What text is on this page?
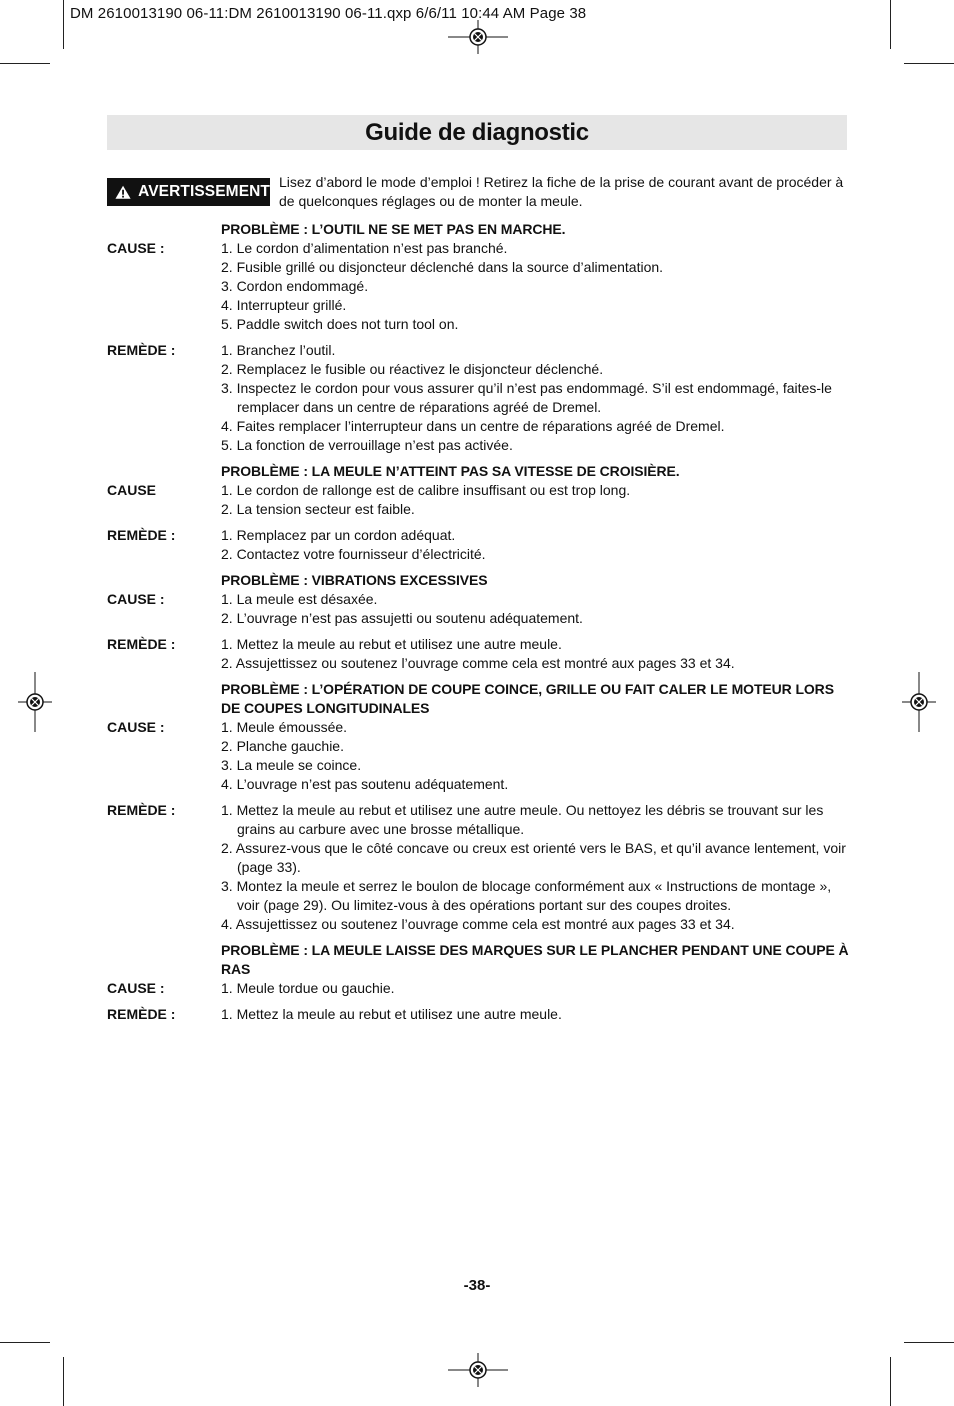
DM 2610013190 06-11:DM 2610013190 06-11.qxp 6/6/11 10:44 AM Page 38
Guide de diagnostic
AVERTISSEMENT
Lisez d’abord le mode d’emploi ! Retirez la fiche de la prise de courant avant de procéder à de quelconques réglages ou de monter la meule.
PROBLÈME : L’OUTIL NE SE MET PAS EN MARCHE.
CAUSE :	1. Le cordon d’alimentation n’est pas branché.
2. Fusible grillé ou disjoncteur déclenché dans la source d’alimentation.
3. Cordon endommagé.
4. Interrupteur grillé.
5. Paddle switch does not turn tool on.
REMÈDE :	1. Branchez l’outil.
2. Remplacez le fusible ou réactivez le disjoncteur déclenché.
3. Inspectez le cordon pour vous assurer qu’il n’est pas endommagé. S’il est endommagé, faites-le remplacer dans un centre de réparations agréé de Dremel.
4. Faites remplacer l’interrupteur dans un centre de réparations agréé de Dremel.
5. La fonction de verrouillage n’est pas activée.
PROBLÈME : LA MEULE N’ATTEINT PAS SA VITESSE DE CROISIÈRE.
CAUSE	1. Le cordon de rallonge est de calibre insuffisant ou est trop long.
2. La tension secteur est faible.
REMÈDE :	1. Remplacez par un cordon adéquat.
2. Contactez votre fournisseur d’électricité.
PROBLÈME : VIBRATIONS EXCESSIVES
CAUSE :	1. La meule est désaxée.
2. L’ouvrage n’est pas assujetti ou soutenu adéquatement.
REMÈDE :	1. Mettez la meule au rebut et utilisez une autre meule.
2. Assujettissez ou soutenez l’ouvrage comme cela est montré aux pages 33 et 34.
PROBLÈME : L’OPÉRATION DE COUPE COINCE, GRILLE OU FAIT CALER LE MOTEUR LORS DE COUPES LONGITUDINALES
CAUSE :	1. Meule émoussée.
2. Planche gauchie.
3. La meule se coince.
4. L’ouvrage n’est pas soutenu adéquatement.
REMÈDE :	1. Mettez la meule au rebut et utilisez une autre meule. Ou nettoyez les débris se trouvant sur les grains au carbure avec une brosse métallique.
2. Assurez-vous que le côté concave ou creux est orienté vers le BAS, et qu’il avance lentement, voir (page 33).
3. Montez la meule et serrez le boulon de blocage conformément aux « Instructions de montage », voir (page 29). Ou limitez-vous à des opérations portant sur des coupes droites.
4. Assujettissez ou soutenez l’ouvrage comme cela est montré aux pages 33 et 34.
PROBLÈME : LA MEULE LAISSE DES MARQUES SUR LE PLANCHER PENDANT UNE COUPE À RAS
CAUSE :	1. Meule tordue ou gauchie.
REMÈDE :	1. Mettez la meule au rebut et utilisez une autre meule.
-38-
